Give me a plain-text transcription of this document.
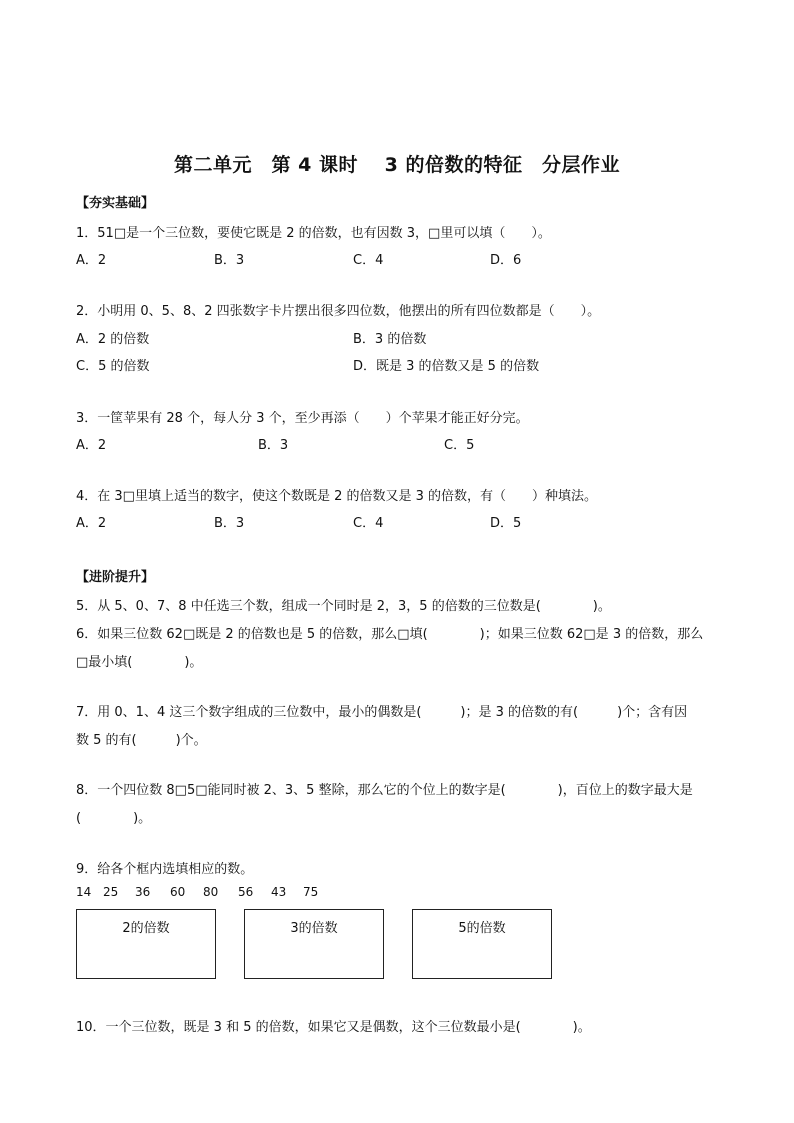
第二单元　第 4 课时　 3 的倍数的特征　分层作业
【夯实基础】
1．51□是一个三位数，要使它既是 2 的倍数，也有因数 3，□里可以填（　　）。
A．2	B．3	C．4	D．6
2．小明用 0、5、8、2 四张数字卡片摆出很多四位数，他摆出的所有四位数都是（　　）。
A．2 的倍数	B．3 的倍数
C．5 的倍数	D．既是 3 的倍数又是 5 的倍数
3．一筐苹果有 28 个，每人分 3 个，至少再添（　　）个苹果才能正好分完。
A．2	B．3	C．5
4．在 3□里填上适当的数字，使这个数既是 2 的倍数又是 3 的倍数，有（　　）种填法。
A．2	B．3	C．4	D．5
【进阶提升】
5．从 5、0、7、8 中任选三个数，组成一个同时是 2，3，5 的倍数的三位数是(　　　　)。
6．如果三位数 62□既是 2 的倍数也是 5 的倍数，那么□填(　　　　)；如果三位数 62□是 3 的倍数，那么
□最小填(　　　　)。
7．用 0、1、4 这三个数字组成的三位数中，最小的偶数是(　　　)；是 3 的倍数的有(　　　)个；含有因
数 5 的有(　　　)个。
8．一个四位数 8□5□能同时被 2、3、5 整除，那么它的个位上的数字是(　　　　)，百位上的数字最大是
(　　　　)。
9．给各个框内选填相应的数。
14 25 36 60 80 56 43 75
2的倍数	3的倍数	5的倍数
10．一个三位数，既是 3 和 5 的倍数，如果它又是偶数，这个三位数最小是(　　　　)。
